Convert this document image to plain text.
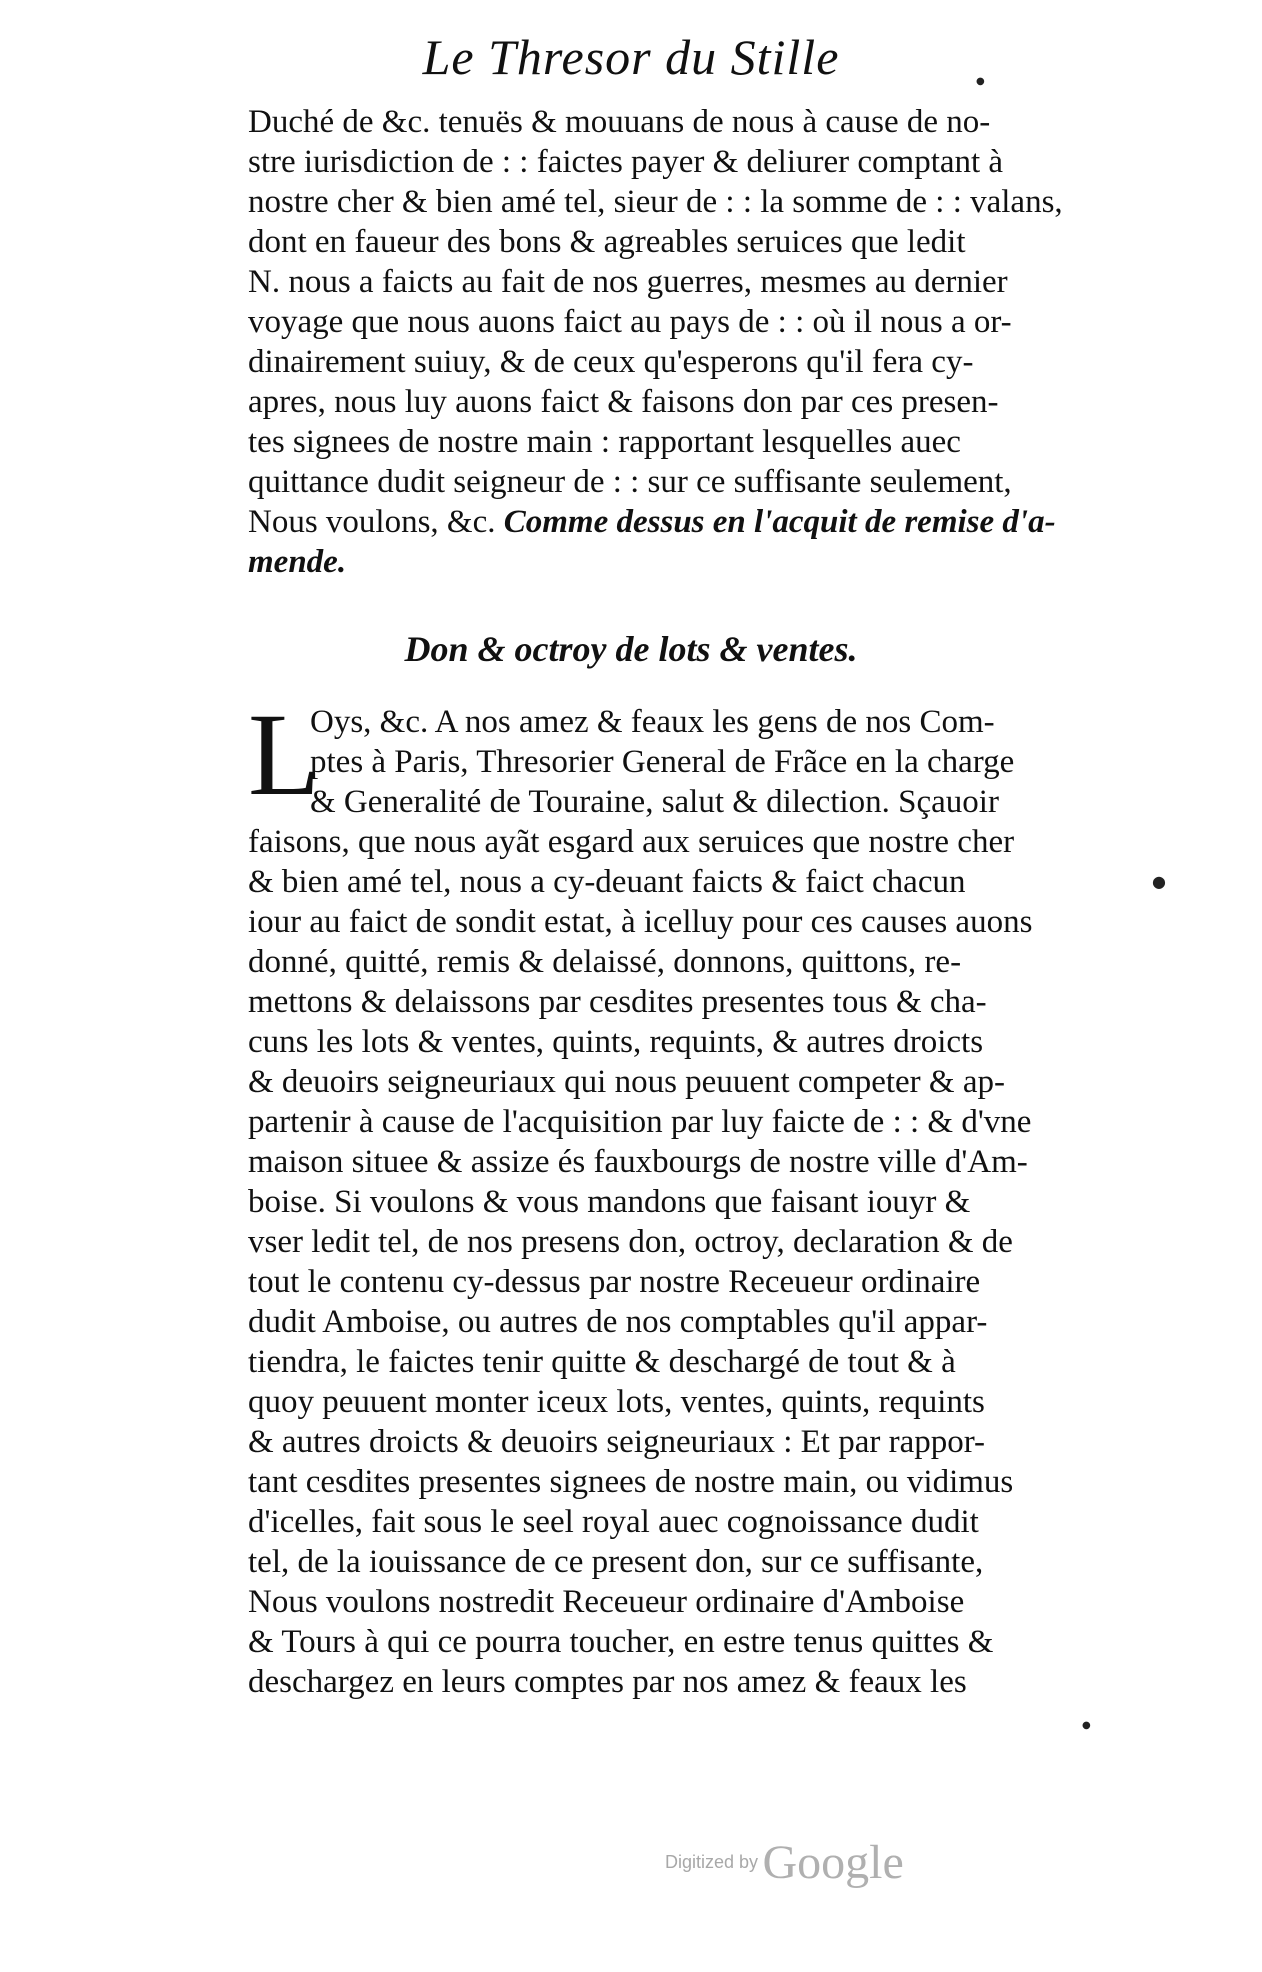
Le Thresor du Stille
Duché de &c. tenuës & mouuans de nous à cause de no-
stre iurisdiction de : : faictes payer & deliurer comptant à
nostre cher & bien amé tel, sieur de : : la somme de : : valans,
dont en faueur des bons & agreables seruices que ledit
N. nous a faicts au fait de nos guerres, mesmes au dernier
voyage que nous auons faict au pays de : : où il nous a or-
dinairement suiuy, & de ceux qu'esperons qu'il fera cy-
apres, nous luy auons faict & faisons don par ces presen-
tes signees de nostre main : rapportant lesquelles auec
quittance dudit seigneur de : : sur ce suffisante seulement,
Nous voulons, &c. Comme dessus en l'acquit de remise d'a-
mende.
Don & octroy de lots & ventes.
L
Oys, &c. A nos amez & feaux les gens de nos Com-
ptes à Paris, Thresorier General de Frãce en la charge
& Generalité de Touraine, salut & dilection. Sçauoir
faisons, que nous ayãt esgard aux seruices que nostre cher
& bien amé tel, nous a cy-deuant faicts & faict chacun
iour au faict de sondit estat, à icelluy pour ces causes auons
donné, quitté, remis & delaissé, donnons, quittons, re-
mettons & delaissons par cesdites presentes tous & cha-
cuns les lots & ventes, quints, requints, & autres droicts
& deuoirs seigneuriaux qui nous peuuent competer & ap-
partenir à cause de l'acquisition par luy faicte de : : & d'vne
maison situee & assize és fauxbourgs de nostre ville d'Am-
boise. Si voulons & vous mandons que faisant iouyr &
vser ledit tel, de nos presens don, octroy, declaration & de
tout le contenu cy-dessus par nostre Receueur ordinaire
dudit Amboise, ou autres de nos comptables qu'il appar-
tiendra, le faictes tenir quitte & deschargé de tout & à
quoy peuuent monter iceux lots, ventes, quints, requints
& autres droicts & deuoirs seigneuriaux : Et par rappor-
tant cesdites presentes signees de nostre main, ou vidimus
d'icelles, fait sous le seel royal auec cognoissance dudit
tel, de la iouissance de ce present don, sur ce suffisante,
Nous voulons nostredit Receueur ordinaire d'Amboise
& Tours à qui ce pourra toucher, en estre tenus quittes &
deschargez en leurs comptes par nos amez & feaux les
●
●
●
Digitized by Google
